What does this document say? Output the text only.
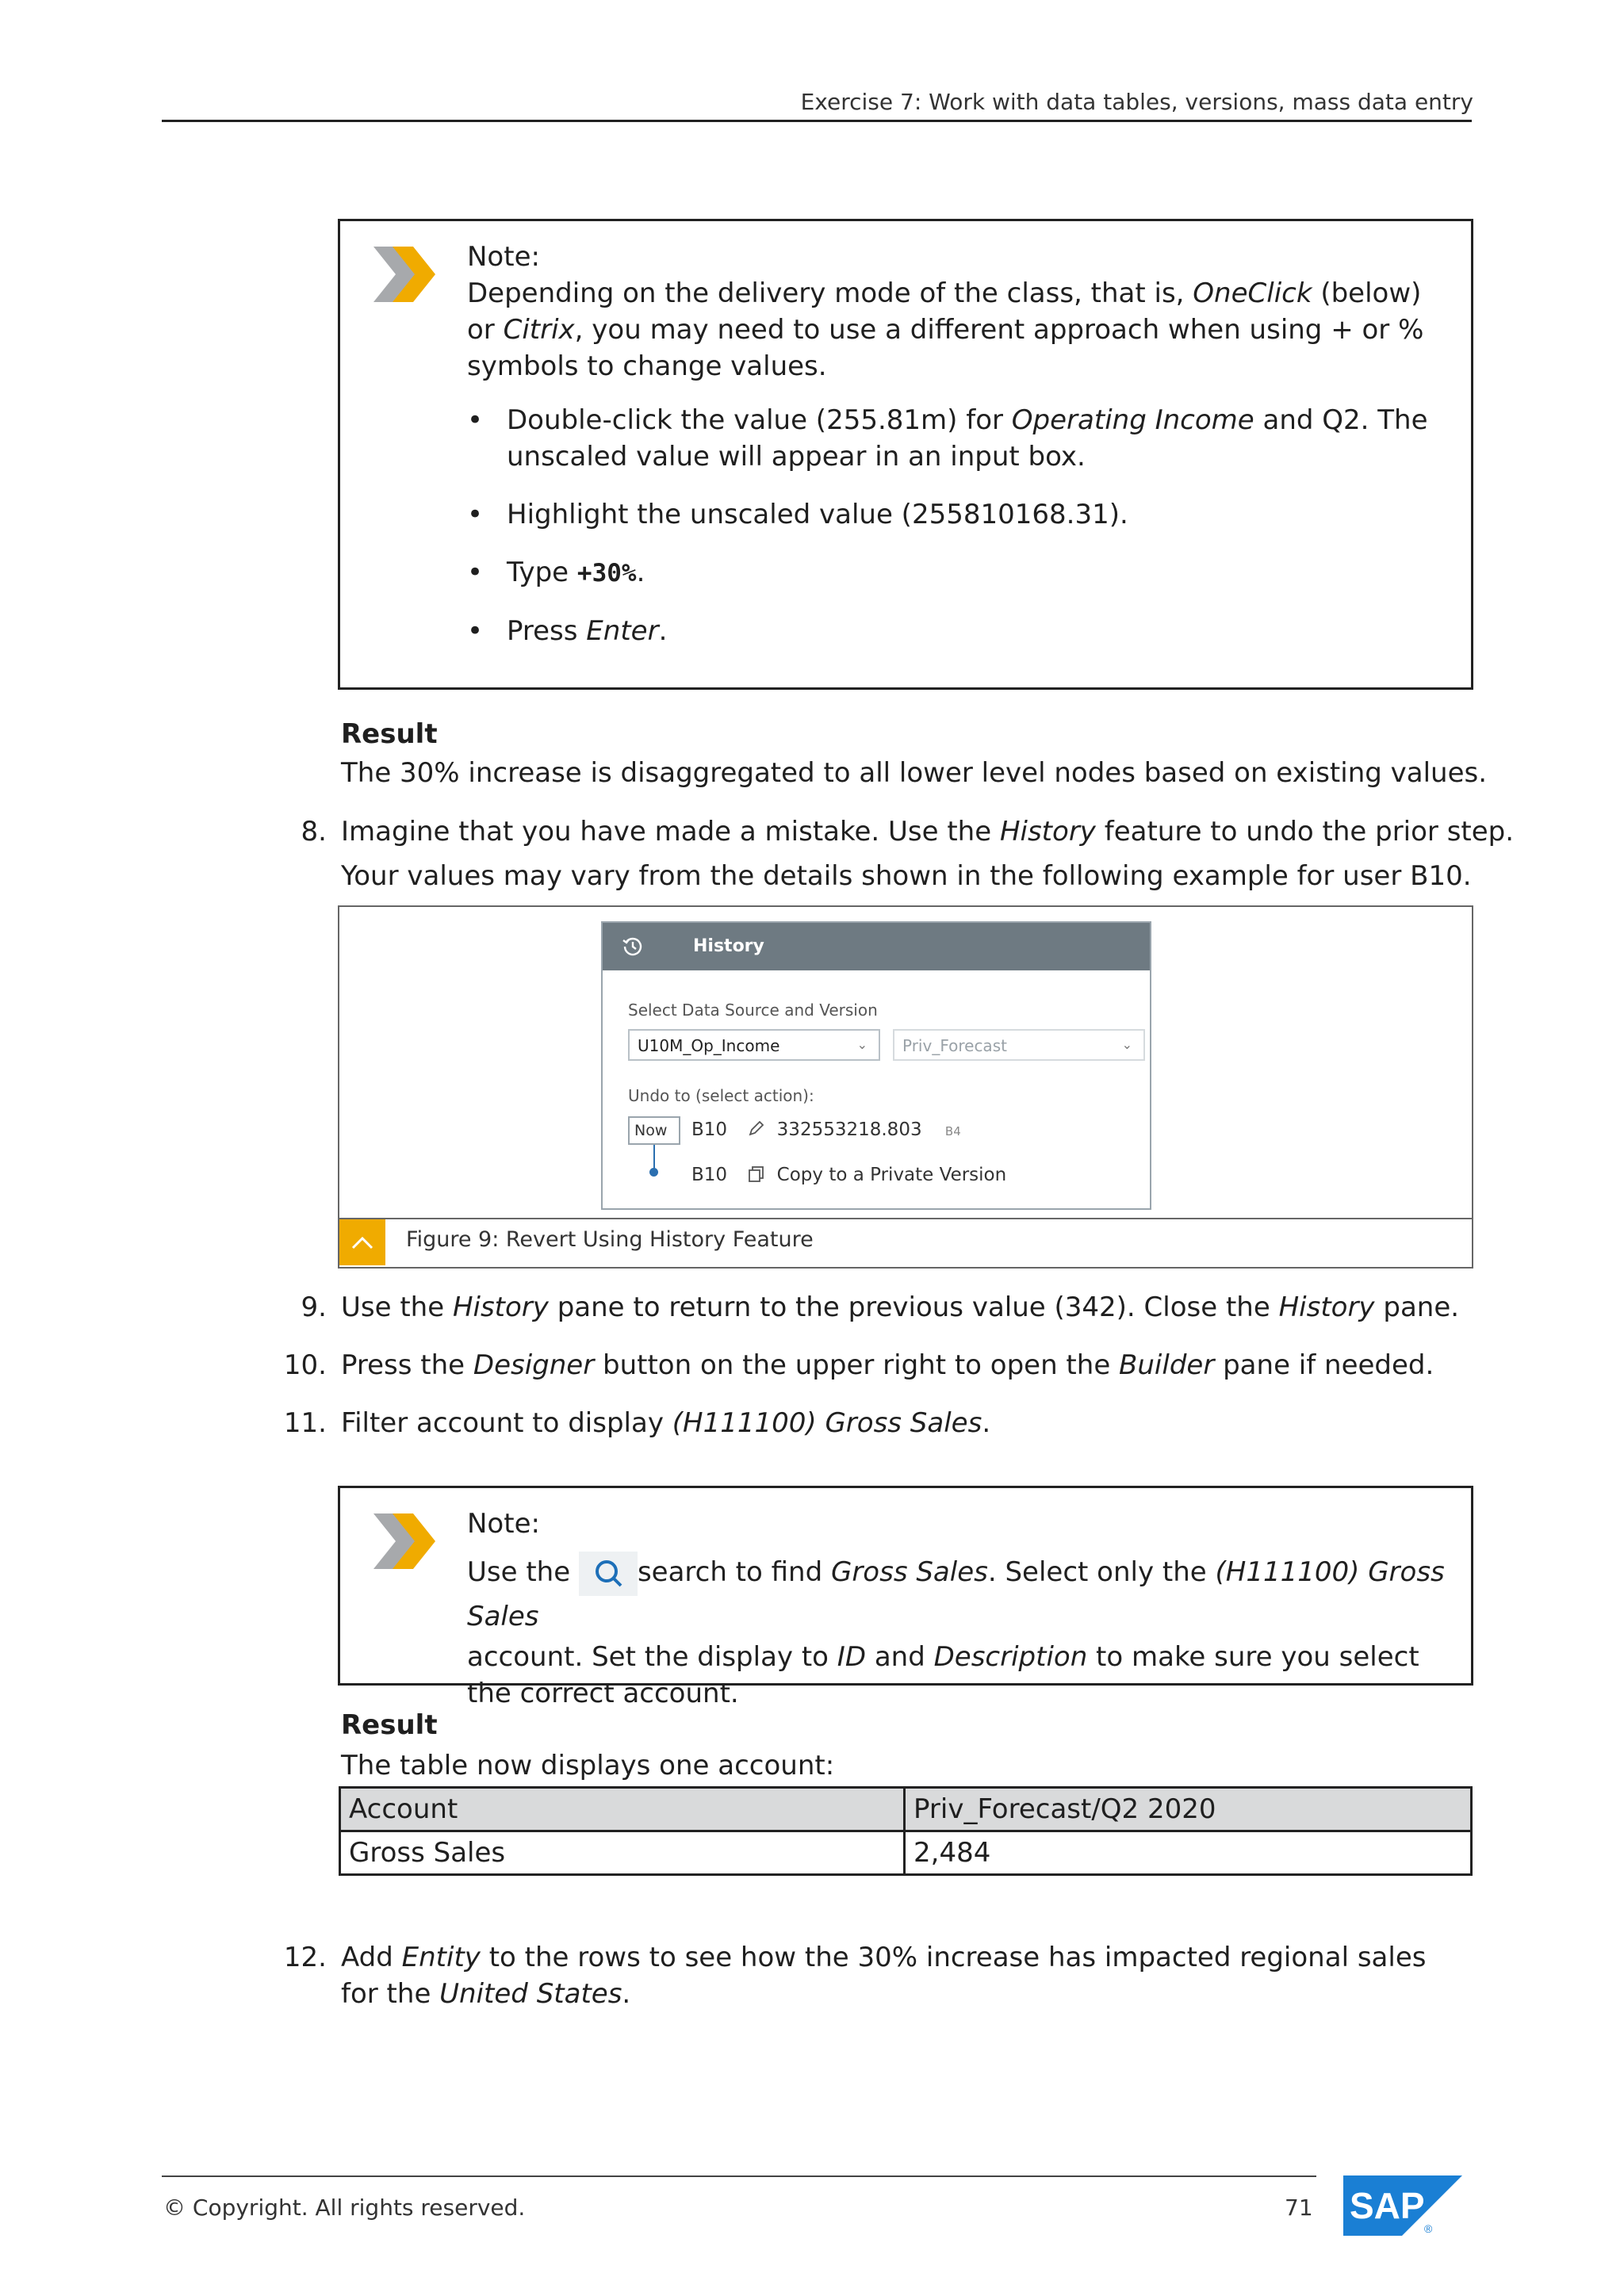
Exercise 7: Work with data tables, versions, mass data entry

Note:

Depending on the delivery mode of the class, that is, OneClick (below) or Citrix, you may need to use a different approach when using + or % symbols to change values.

• Double-click the value (255.81m) for Operating Income and Q2. The unscaled value will appear in an input box.
• Highlight the unscaled value (255810168.31).
• Type +30%.
• Press Enter.
Result
The 30% increase is disaggregated to all lower level nodes based on existing values.
8. Imagine that you have made a mistake. Use the History feature to undo the prior step.
Your values may vary from the details shown in the following example for user B10.
History
Select Data Source and Version
U10M_Op_Income	⌄	Priv_Forecast	⌄
Undo to (select action):
Now	B10	332553218.803 B4
B10	Copy to a Private Version
Figure 9: Revert Using History Feature
9. Use the History pane to return to the previous value (342). Close the History pane.
10. Press the Designer button on the upper right to open the Builder pane if needed.
11. Filter account to display (H111100) Gross Sales.

Note:

Use the search to find Gross Sales. Select only the (H111100) Gross Sales
account. Set the display to ID and Description to make sure you select the correct account.

Result
The table now displays one account:
Account	Priv_Forecast/Q2 2020
Gross Sales	2,484
12. Add Entity to the rows to see how the 30% increase has impacted regional sales for the United States.
© Copyright. All rights reserved.	71 SAP
®
